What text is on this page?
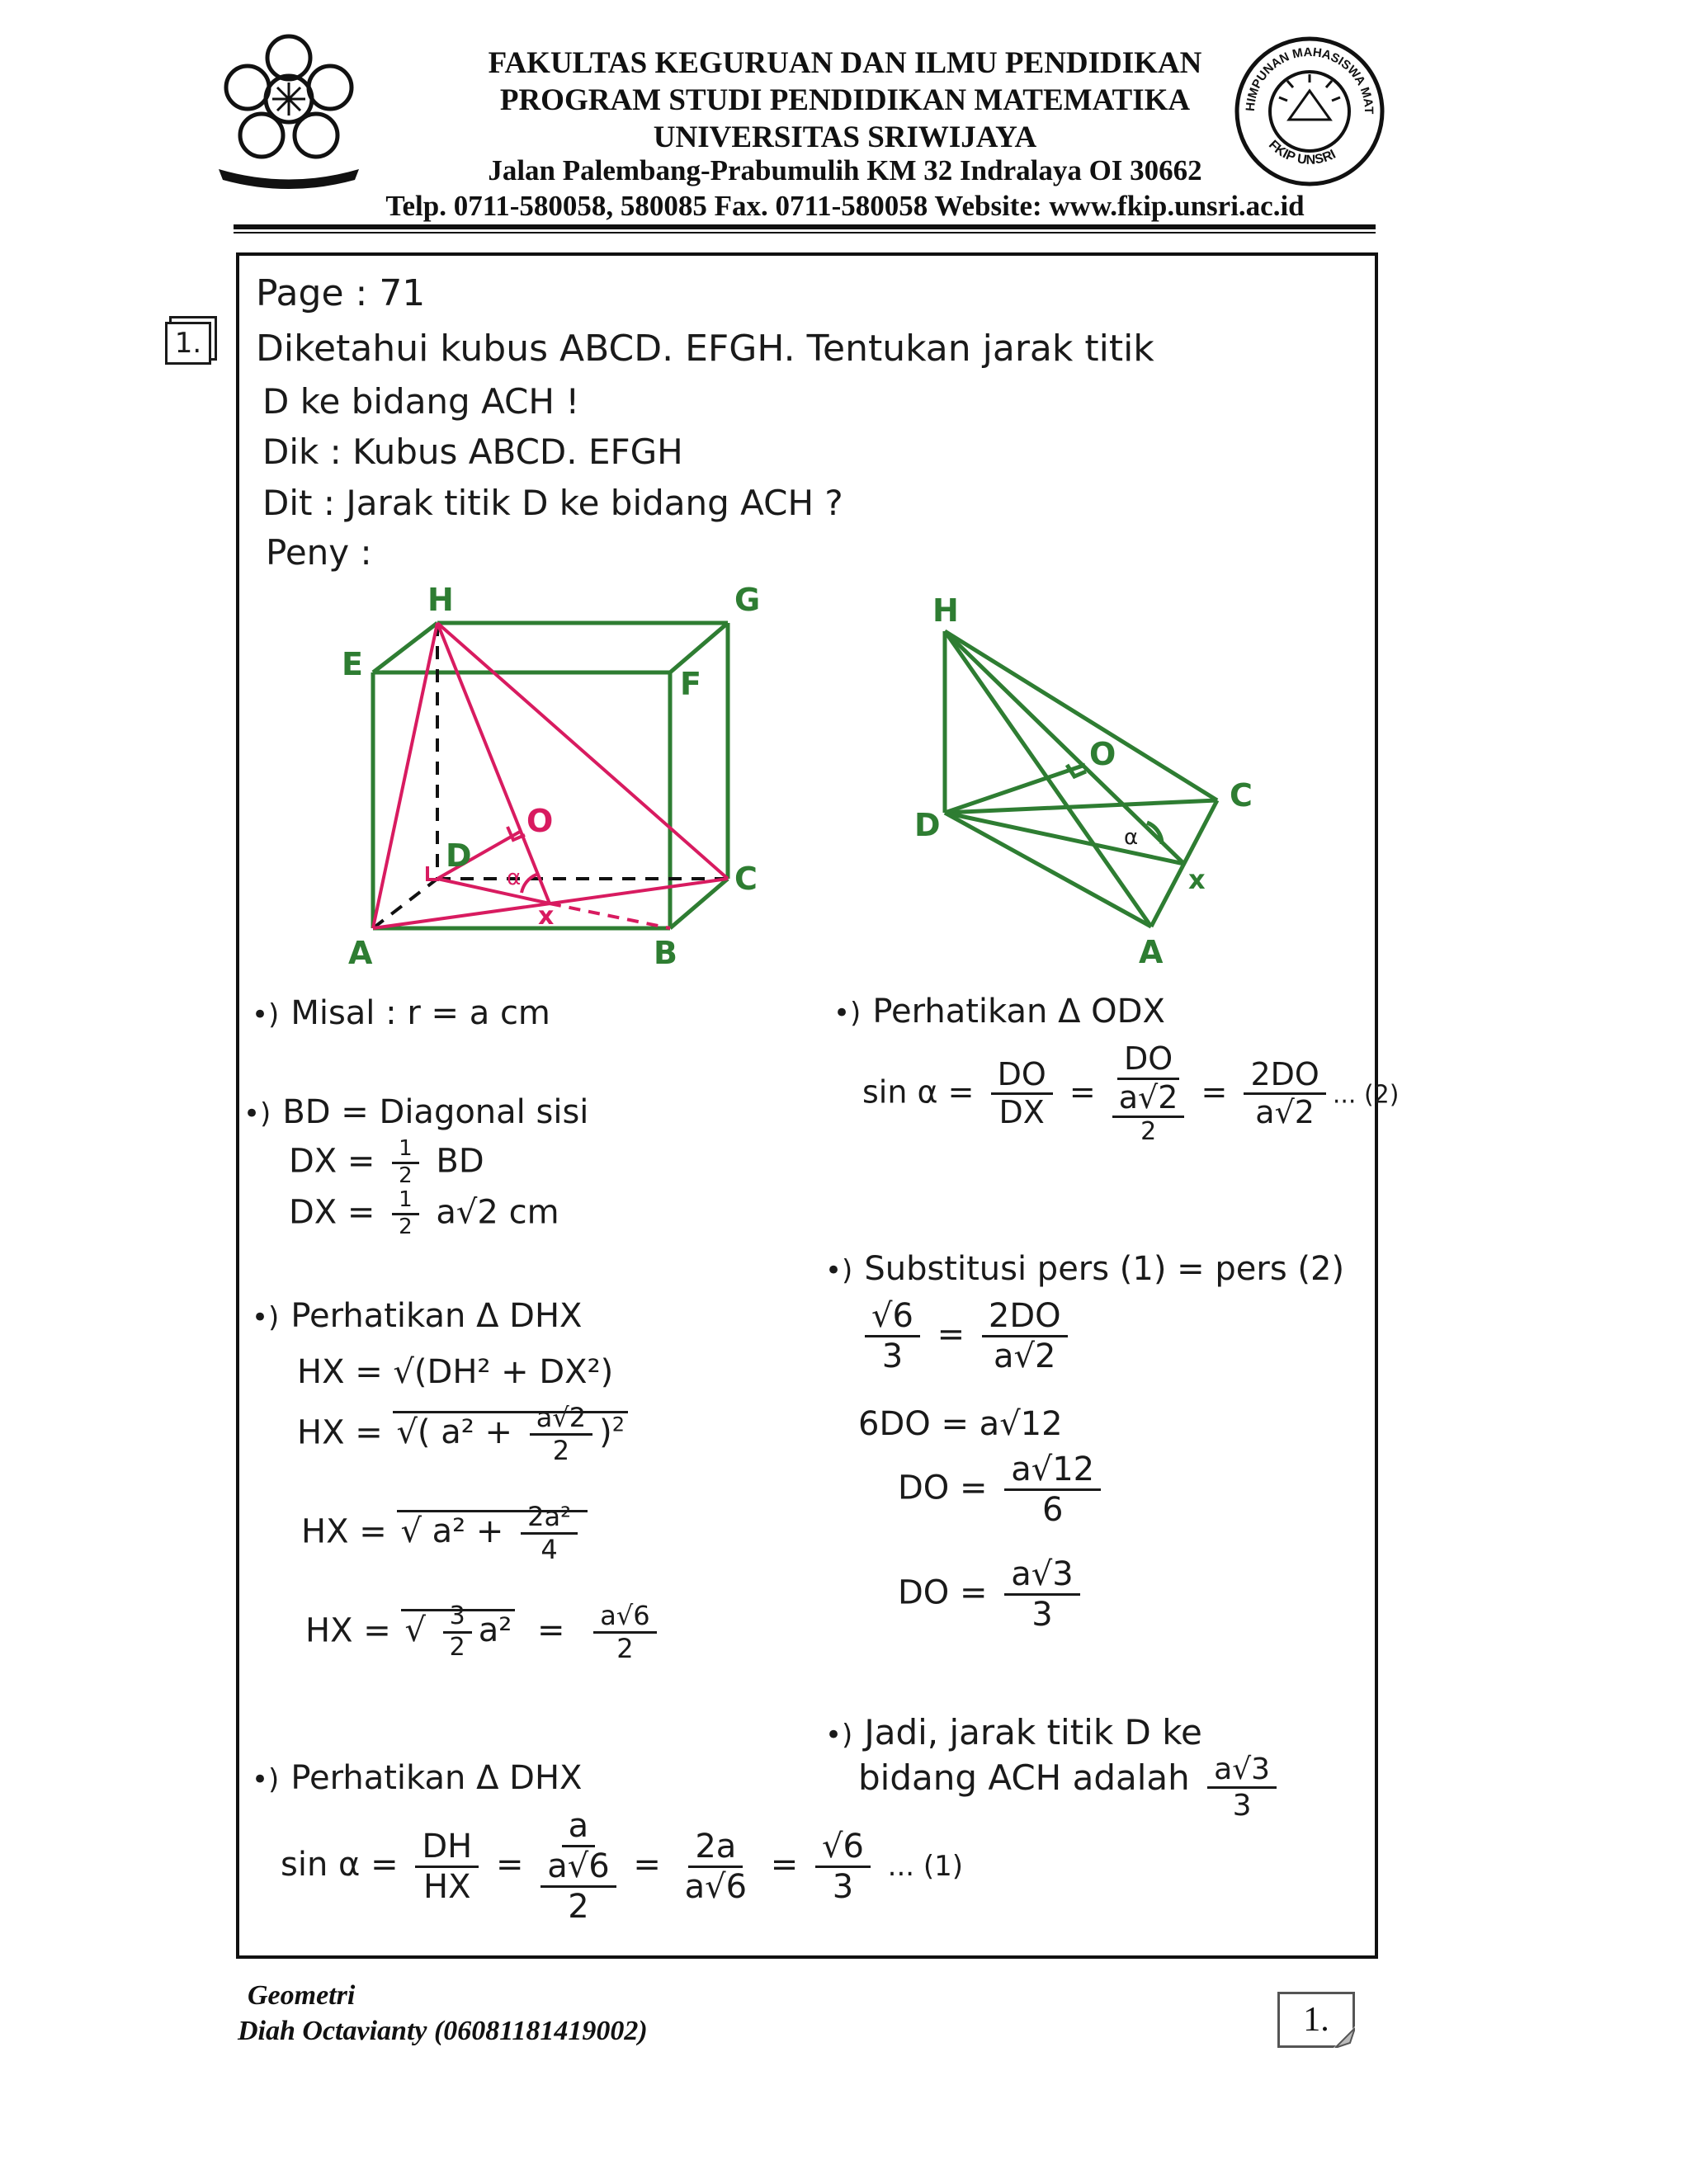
FAKULTAS KEGURUAN DAN ILMU PENDIDIKAN
PROGRAM STUDI PENDIDIKAN MATEMATIKA
UNIVERSITAS SRIWIJAYA
Jalan Palembang-Prabumulih KM 32 Indralaya OI 30662
Telp. 0711-580058, 580085 Fax. 0711-580058 Website: www.fkip.unsri.ac.id
HIMPUNAN MAHASISWA MAT
FKIP UNSRI
1.
Page : 71
Diketahui kubus ABCD. EFGH. Tentukan jarak titik
D ke bidang ACH !
Dik : Kubus ABCD. EFGH
Dit : Jarak titik D ke bidang ACH ?
Peny :
H	G
E
F
D
C
A	B
O
x
α
H
O
C
D
x
A
α
•) Misal : r = a cm
•) BD = Diagonal sisi
DX = $\frac{1}{2}$ BD
DX = $\frac{1}{2} a√2$ cm
•) Perhatikan Δ DHX
HX = √(DH² + DX²)
HX = √( $a^2 + \frac{a√2}{2} )^2$
HX = √ $a^2 + \frac{\text{2a²}}{4}$
HX = √ $\frac{3}{2} a^2 = \frac{a√6}{2}$
•) Perhatikan Δ DHX
$\sin \alpha = \frac{DH}{HX}$ =
a
a√6
2
= $\frac{2a}{a√6} = \frac{√6}{3}$ ... (1)
•) Perhatikan Δ ODX
$\sin \alpha = \frac{DO}{DX}$ =
DO
a√2
2
= $\frac{2DO}{a√2}$ ... (2)
•) Substitusi pers (1) = pers (2)
$\frac{√6}{3} = \frac{2DO}{a√2}$
6DO = a√12
DO = $\frac{a√12}{6}$
DO = $\frac{a√3}{3}$
•) Jadi, jarak titik D ke
bidang ACH adalah $\frac{a√3}{3}$
Geometri
Diah Octavianty (06081181419002)	1.
